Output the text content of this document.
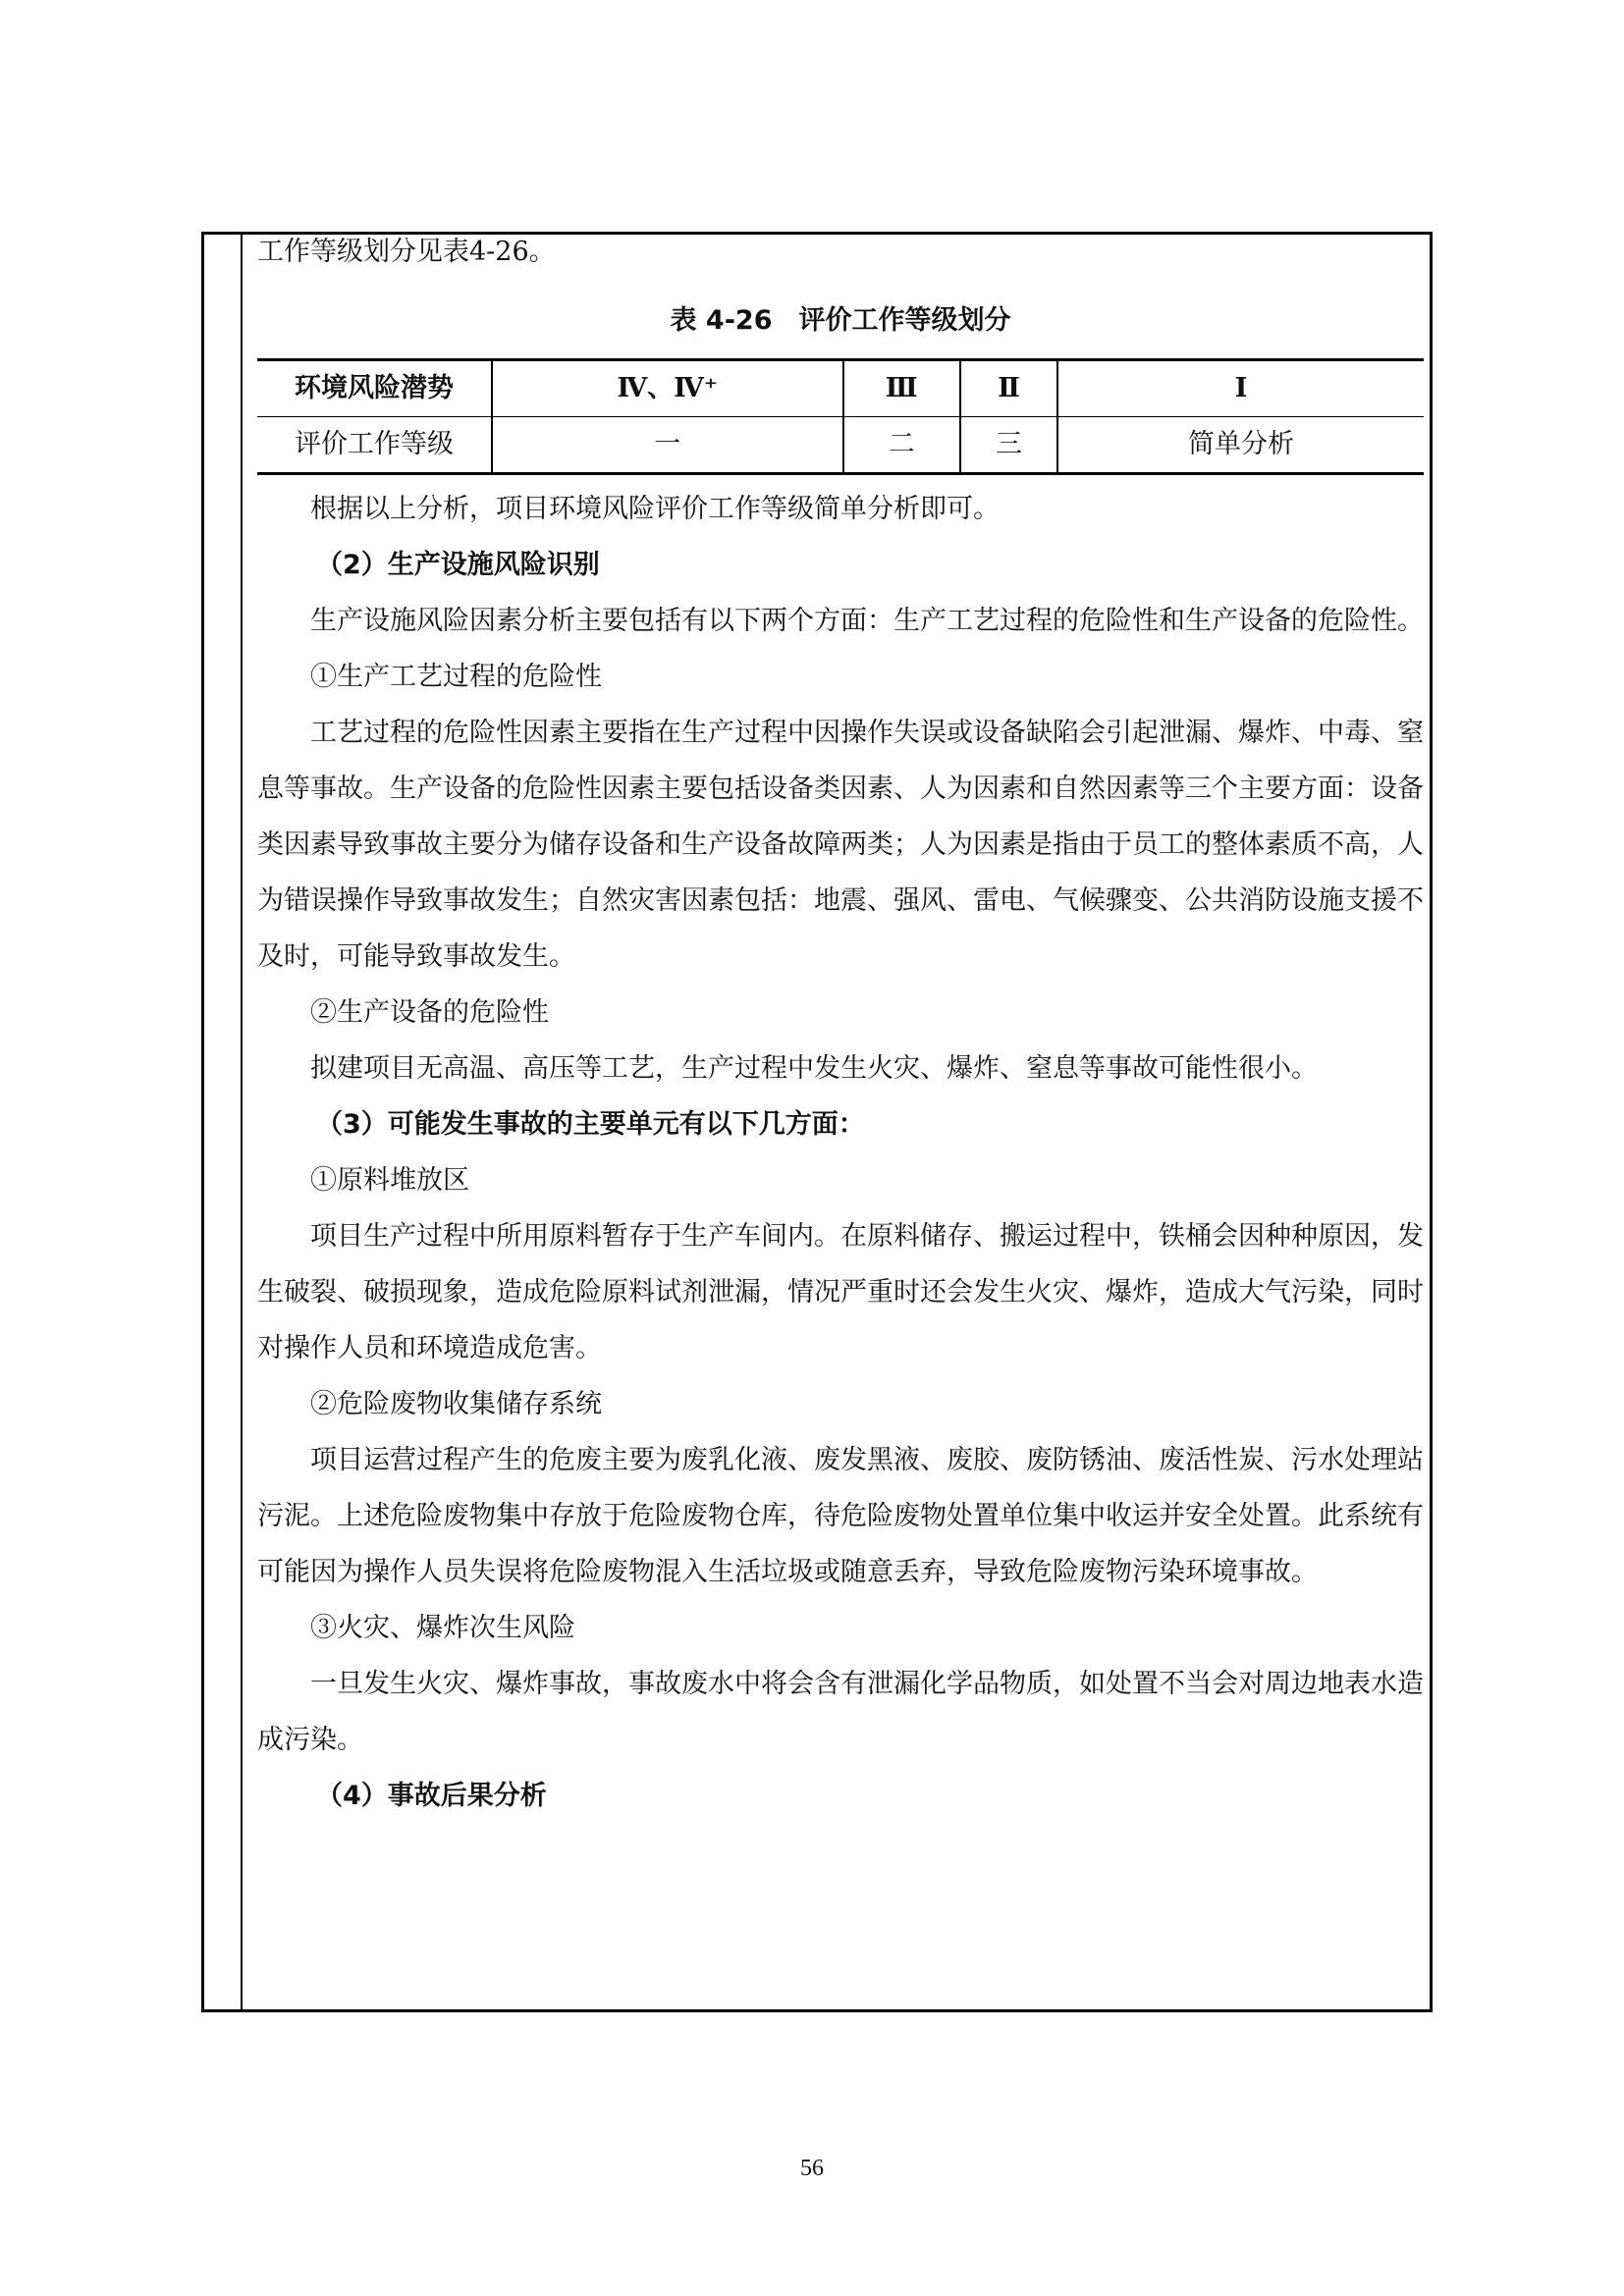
工作等级划分见表4-26。

表 4-26　评价工作等级划分
环境风险潜势	Ⅳ、Ⅳ⁺	Ⅲ	Ⅱ	Ⅰ
评价工作等级	一	二	三	简单分析

根据以上分析，项目环境风险评价工作等级简单分析即可。

（2）生产设施风险识别

生产设施风险因素分析主要包括有以下两个方面：生产工艺过程的危险性和生产设备的危险性。

①生产工艺过程的危险性

工艺过程的危险性因素主要指在生产过程中因操作失误或设备缺陷会引起泄漏、爆炸、中毒、窒息等事故。生产设备的危险性因素主要包括设备类因素、人为因素和自然因素等三个主要方面：设备类因素导致事故主要分为储存设备和生产设备故障两类；人为因素是指由于员工的整体素质不高，人为错误操作导致事故发生；自然灾害因素包括：地震、强风、雷电、气候骤变、公共消防设施支援不及时，可能导致事故发生。

②生产设备的危险性

拟建项目无高温、高压等工艺，生产过程中发生火灾、爆炸、窒息等事故可能性很小。

（3）可能发生事故的主要单元有以下几方面：

①原料堆放区

项目生产过程中所用原料暂存于生产车间内。在原料储存、搬运过程中，铁桶会因种种原因，发生破裂、破损现象，造成危险原料试剂泄漏，情况严重时还会发生火灾、爆炸，造成大气污染，同时对操作人员和环境造成危害。

②危险废物收集储存系统

项目运营过程产生的危废主要为废乳化液、废发黑液、废胶、废防锈油、废活性炭、污水处理站污泥。上述危险废物集中存放于危险废物仓库，待危险废物处置单位集中收运并安全处置。此系统有可能因为操作人员失误将危险废物混入生活垃圾或随意丢弃，导致危险废物污染环境事故。

③火灾、爆炸次生风险

一旦发生火灾、爆炸事故，事故废水中将会含有泄漏化学品物质，如处置不当会对周边地表水造成污染。

（4）事故后果分析

56
